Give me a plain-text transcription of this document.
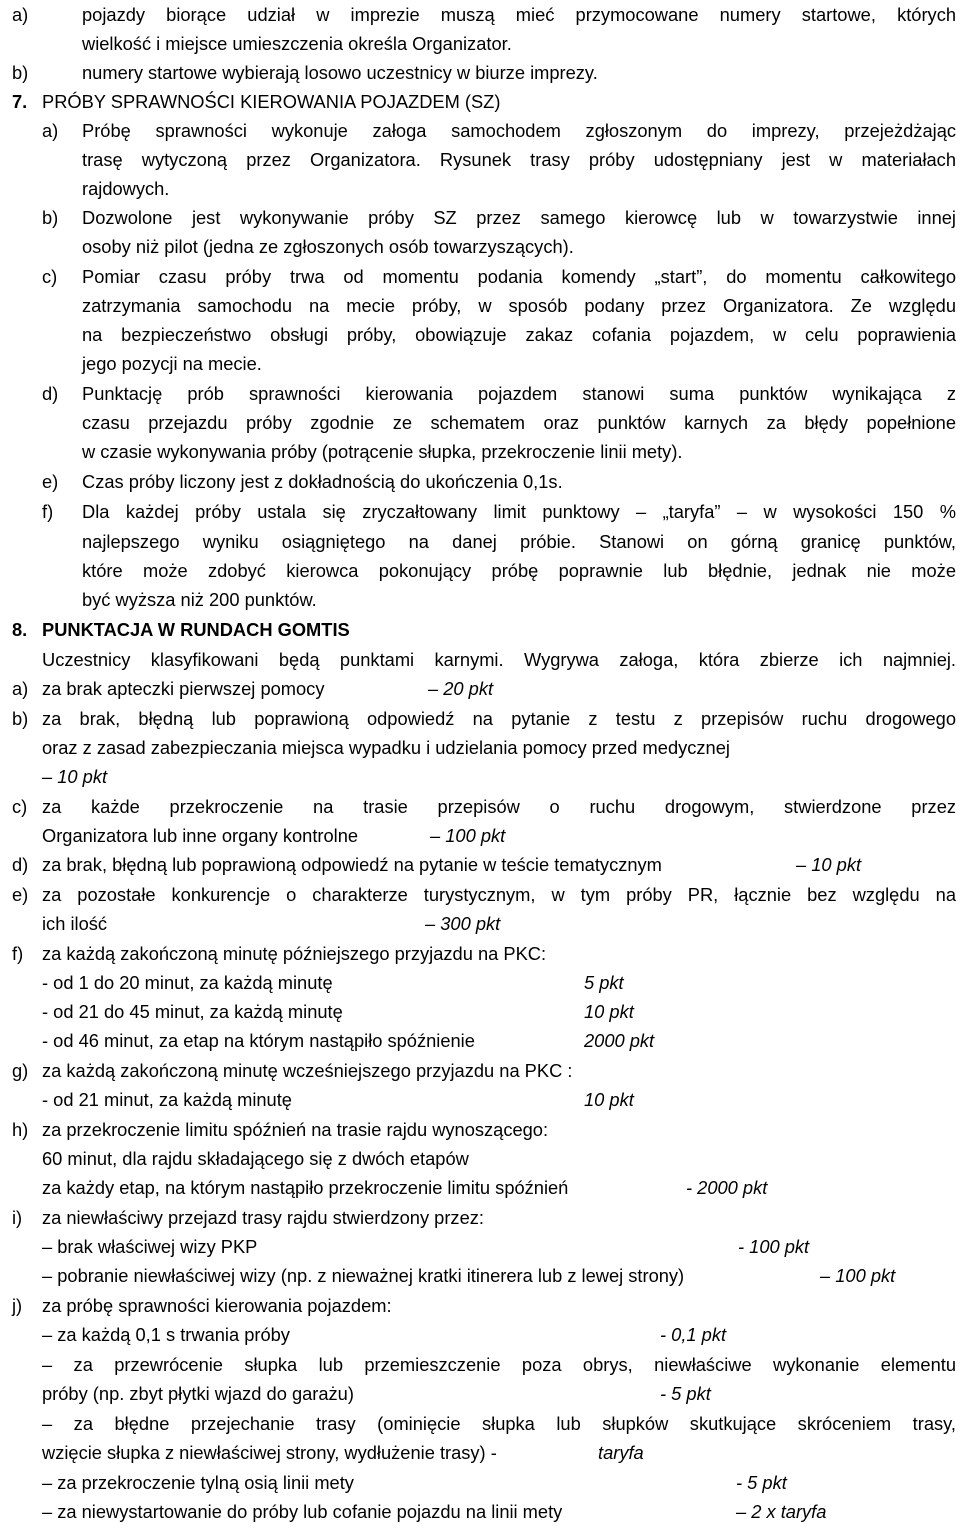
a)	pojazdy biorące udział w imprezie muszą mieć przymocowane numery startowe, których
wielkość i miejsce umieszczenia określa Organizator.
b)	numery startowe wybierają losowo uczestnicy w biurze imprezy.
7. PRÓBY SPRAWNOŚCI KIEROWANIA POJAZDEM (SZ)
a) Próbę sprawności wykonuje załoga samochodem zgłoszonym do imprezy, przejeżdżając
trasę wytyczoną przez Organizatora. Rysunek trasy próby udostępniany jest w materiałach
rajdowych.
b) Dozwolone jest wykonywanie próby SZ przez samego kierowcę lub w towarzystwie innej
osoby niż pilot (jedna ze zgłoszonych osób towarzyszących).
c) Pomiar czasu próby trwa od momentu podania komendy „start”, do momentu całkowitego
zatrzymania samochodu na mecie próby, w sposób podany przez Organizatora. Ze względu
na bezpieczeństwo obsługi próby, obowiązuje zakaz cofania pojazdem, w celu poprawienia
jego pozycji na mecie.
d) Punktację prób sprawności kierowania pojazdem stanowi suma punktów wynikająca z
czasu przejazdu próby zgodnie ze schematem oraz punktów karnych za błędy popełnione
w czasie wykonywania próby (potrącenie słupka, przekroczenie linii mety).
e) Czas próby liczony jest z dokładnością do ukończenia 0,1s.
f) Dla każdej próby ustala się zryczałtowany limit punktowy – „taryfa” – w wysokości 150 %
najlepszego wyniku osiągniętego na danej próbie. Stanowi on górną granicę punktów,
które może zdobyć kierowca pokonujący próbę poprawnie lub błędnie, jednak nie może
być wyższa niż 200 punktów.
8. PUNKTACJA W RUNDACH GOMTIS
Uczestnicy klasyfikowani będą punktami karnymi. Wygrywa załoga, która zbierze ich najmniej.
a) za brak apteczki pierwszej pomocy	– 20 pkt
b) za brak, błędną lub poprawioną odpowiedź na pytanie z testu z przepisów ruchu drogowego
oraz z zasad zabezpieczania miejsca wypadku i udzielania pomocy przed medycznej
– 10 pkt
c) za każde przekroczenie na trasie przepisów o ruchu drogowym, stwierdzone przez
Organizatora lub inne organy kontrolne	– 100 pkt
d) za brak, błędną lub poprawioną odpowiedź na pytanie w teście tematycznym	– 10 pkt
e) za pozostałe konkurencje o charakterze turystycznym, w tym próby PR, łącznie bez względu na
ich ilość	– 300 pkt
f) za każdą zakończoną minutę późniejszego przyjazdu na PKC:
- od 1 do 20 minut, za każdą minutę	5 pkt
- od 21 do 45 minut, za każdą minutę	10 pkt
- od 46 minut, za etap na którym nastąpiło spóźnienie	2000 pkt
g) za każdą zakończoną minutę wcześniejszego przyjazdu na PKC :
- od 21 minut, za każdą minutę	10 pkt
h) za przekroczenie limitu spóźnień na trasie rajdu wynoszącego:
60 minut, dla rajdu składającego się z dwóch etapów
za każdy etap, na którym nastąpiło przekroczenie limitu spóźnień	- 2000 pkt
i) za niewłaściwy przejazd trasy rajdu stwierdzony przez:
– brak właściwej wizy PKP	- 100 pkt
– pobranie niewłaściwej wizy (np. z nieważnej kratki itinerera lub z lewej strony)	– 100 pkt
j) za próbę sprawności kierowania pojazdem:
– za każdą 0,1 s trwania próby	- 0,1 pkt
– za przewrócenie słupka lub przemieszczenie poza obrys, niewłaściwe wykonanie elementu
próby (np. zbyt płytki wjazd do garażu)	- 5 pkt
– za błędne przejechanie trasy (ominięcie słupka lub słupków skutkujące skróceniem trasy,
wzięcie słupka z niewłaściwej strony, wydłużenie trasy) -	taryfa
– za przekroczenie tylną osią linii mety	- 5 pkt
– za niewystartowanie do próby lub cofanie pojazdu na linii mety	– 2 x taryfa
